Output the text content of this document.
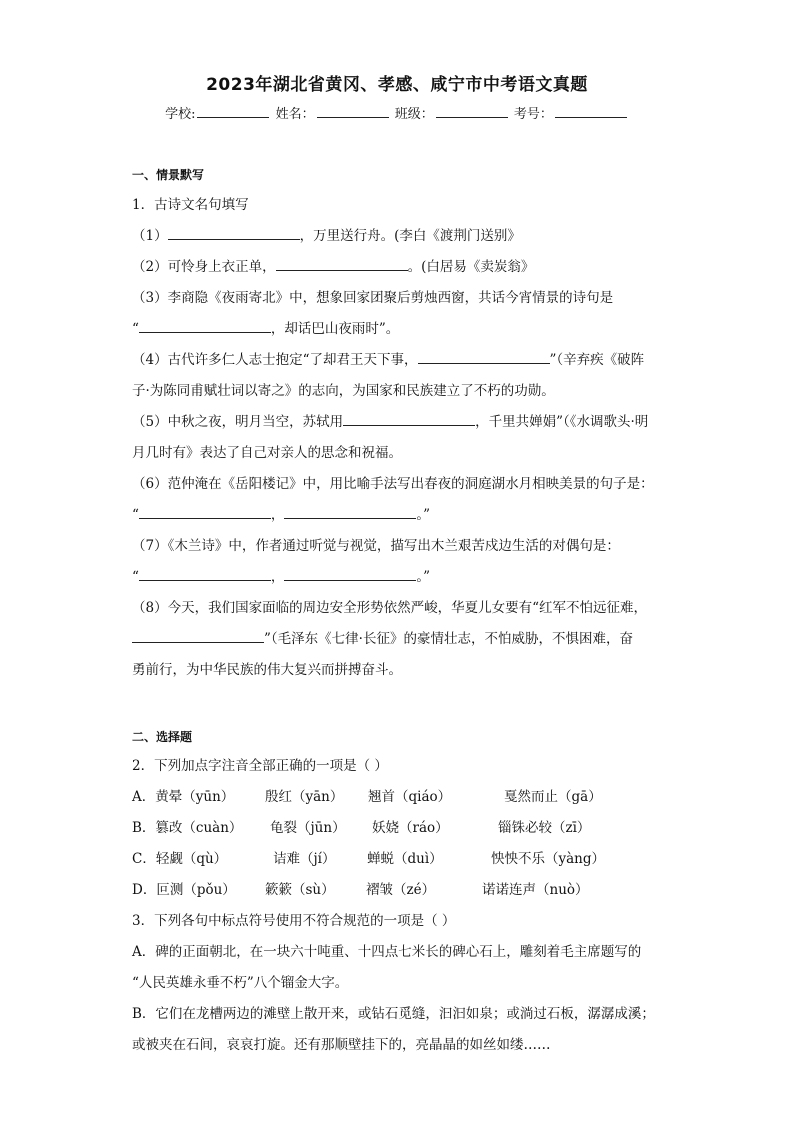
2023年湖北省黄冈、孝感、咸宁市中考语文真题
学校:	姓名：	班级：	考号：
一、情景默写
1．古诗文名句填写
（1）	，万里送行舟。(李白《渡荆门送别》
（2）可怜身上衣正单，	。(白居易《卖炭翁》
（3）李商隐《夜雨寄北》中，想象回家团聚后剪烛西窗，共话今宵情景的诗句是
“	，却话巴山夜雨时”。
（4）古代许多仁人志士抱定“了却君王天下事，	”（辛弃疾《破阵
子·为陈同甫赋壮词以寄之》的志向，为国家和民族建立了不朽的功勋。
（5）中秋之夜，明月当空，苏轼用	，千里共婵娟”（《水调歌头·明
月几时有》表达了自己对亲人的思念和祝福。
（6）范仲淹在《岳阳楼记》中，用比喻手法写出春夜的洞庭湖水月相映美景的句子是：
“	，	。”
（7）《木兰诗》中，作者通过听觉与视觉，描写出木兰艰苦戍边生活的对偶句是：
“	，	。”
（8）今天，我们国家面临的周边安全形势依然严峻，华夏儿女要有“红军不怕远征难，
”（毛泽东《七律·长征》的豪情壮志，不怕威胁，不惧困难，奋
勇前行，为中华民族的伟大复兴而拼搏奋斗。
二、选择题
2．下列加点字注音全部正确的一项是（ ）
A．黄晕（yūn） 殷红（yān） 翘首（qiáo）	戛然而止（gā）
B．篡改（cuàn） 龟裂（jūn） 妖娆（ráo）	锱铢必较（zī）
C．轻觑（qù）	诘难（jí） 蝉蜕（duì）	怏怏不乐（yàng）
D．叵测（pǒu） 簌簌（sù） 褶皱（zé）	诺诺连声（nuò）
3．下列各句中标点符号使用不符合规范的一项是（ ）
A．碑的正面朝北，在一块六十吨重、十四点七米长的碑心石上，雕刻着毛主席题写的
“人民英雄永垂不朽”八个镏金大字。
B．它们在龙槽两边的滩壁上散开来，或钻石觅缝，汩汩如泉；或淌过石板，潺潺成溪；
或被夹在石间，哀哀打旋。还有那顺壁挂下的，亮晶晶的如丝如缕……
